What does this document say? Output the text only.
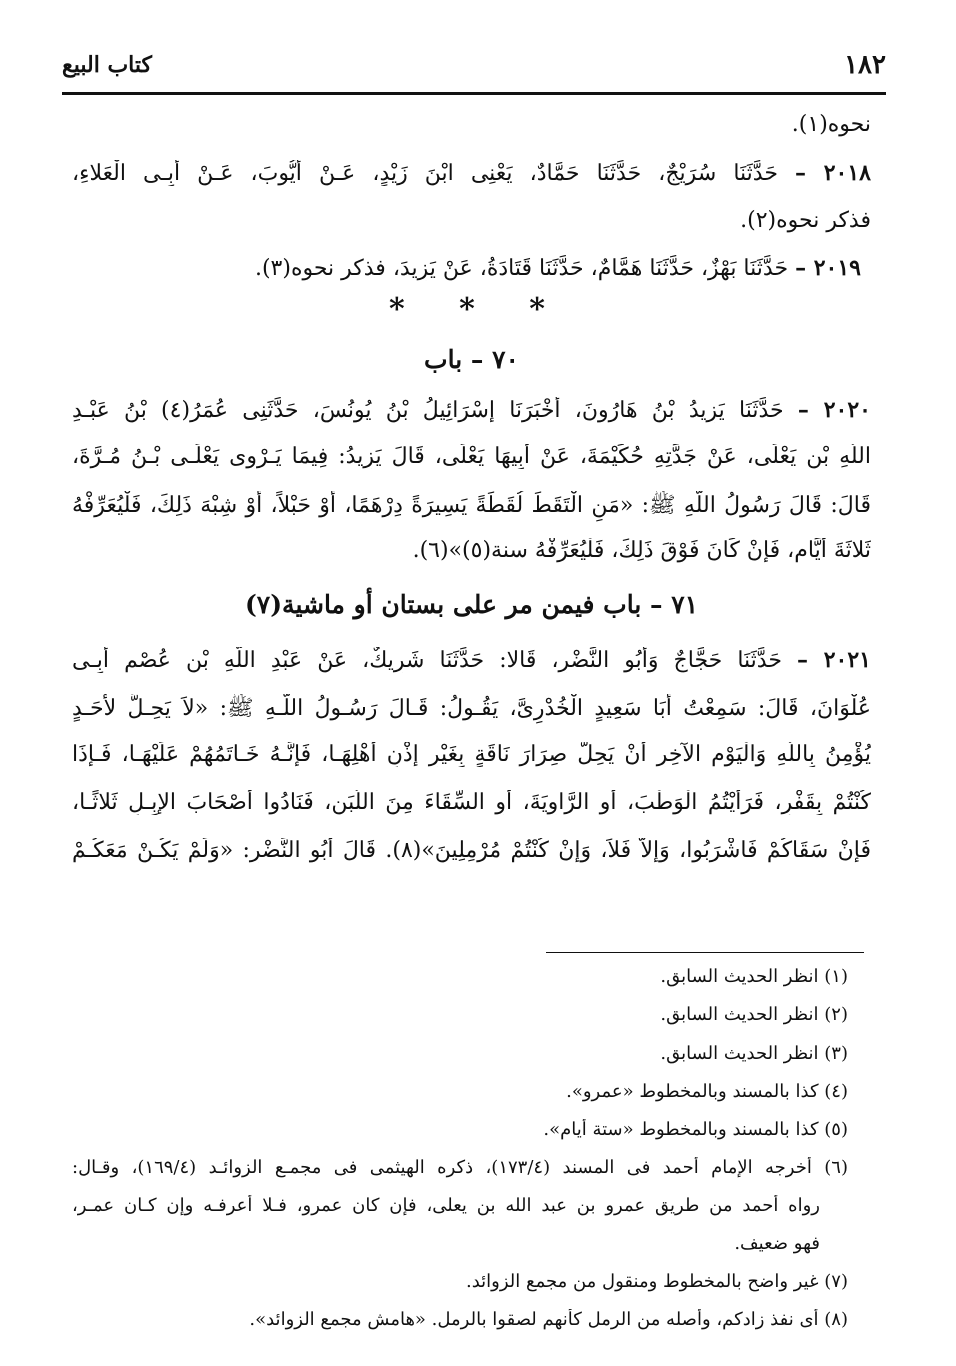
١٨٢
كتاب البيع
نحوه(١).
٢٠١٨ – حَدَّثَنَا سُرَيْجٌ، حَدَّثَنَا حَمَّادٌ، يَعْنِى ابْنَ زَيْدٍ، عَـنْ أَيُّوبَ، عَـنْ أَبِـى الْعَلاءِ،
فذكر نحوه(٢).
٢٠١٩ – حَدَّثَنَا بَهْزٌ، حَدَّثَنَا هَمَّامٌ، حَدَّثَنَا قَتَادَةُ، عَنْ يَزِيدَ، فذكر نحوه(٣).
* * *
٧٠ – باب
٢٠٢٠ – حَدَّثَنَا يَزِيدُ بْنُ هَارُونَ، أَخْبَرَنَا إِسْرَائِيلُ بْنُ يُونُسَ، حَدَّثَنِى عُمَرُ(٤) بْنُ عَبْـدِ
اللَّهِ بْنِ يَعْلَى، عَنْ جَدَّتِهِ حُكَيْمَةَ، عَنْ أَبِيهَا يَعْلَى، قَالَ يَزِيدُ: فِيمَا يَـرْوِى يَعْلَـى بْـنُ مُـرَّةَ،
قَالَ: قَالَ رَسُولُ اللَّهِ ﷺ: «مَنِ الْتَقَطَ لُقَطَةً يَسِيرَةً دِرْهَمًا، أَوْ حَبْلاً، أَوْ شِبْهَ ذَلِكَ، فَلْيُعَرِّفْهُ
ثَلاثَةَ أَيَّامٍ، فَإِنْ كَانَ فَوْقَ ذَلِكَ، فَلْيُعَرِّفْهُ سنة(٥)»(٦).
٧١ – باب فيمن مر على بستان أو ماشية(٧)
٢٠٢١ – حَدَّثَنَا حَجَّاجٌ وَأَبُو النَّضْرِ، قَالا: حَدَّثَنَا شَرِيكٌ، عَنْ عَبْدِ اللَّهِ بْنِ عُصْمٍ أَبِـى
عُلْوَانَ، قَالَ: سَمِعْتُ أَبَا سَعِيدٍ الْخُدْرِىَّ، يَقُـولُ: قَـالَ رَسُـولُ اللَّـهِ ﷺ: «لاَ يَحِـلُّ لأَحَـدٍ
يُؤْمِنُ بِاللَّهِ وَالْيَوْمِ الآخِرِ أَنْ يَحِلَّ صِرَارَ نَاقَةٍ بِغَيْرِ إِذْنِ أَهْلِهَـا، فَإِنَّـهُ خَـاتَمُهُمْ عَلَيْهَـا، فَـإِذَا
كُنْتُمْ بِقَفْرٍ، فَرَأَيْتُمُ الْوَطْبَ، أَوِ الرَّاوِيَةَ، أَوِ السِّقَاءَ مِنَ اللَّبَنِ، فَنَادُوا أَصْحَابَ الإِبِـلِ ثَلاثًـا،
فَإِنْ سَقَاكُمْ فَاشْرَبُوا، وَإِلاَّ فَلاَ، وَإِنْ كُنْتُمْ مُرْمِلِينَ»(٨). قَالَ أَبُو النَّضْرِ: «وَلَمْ يَكُـنْ مَعَكُـمْ
(١) انظر الحديث السابق.
(٢) انظر الحديث السابق.
(٣) انظر الحديث السابق.
(٤) كذا بالمسند وبالمخطوط «عمرو».
(٥) كذا بالمسند وبالمخطوط «ستة أيام».
(٦) أخرجه الإمام أحمد فى المسند (١٧٣/٤)، ذكره الهيثمى فى مجمـع الزوائـد (١٦٩/٤)، وقـال:
رواه أحمد من طريق عمرو بن عبد الله بن يعلى، فإن كان عمرو، فـلا أعرفـه وإن كـان عمـر،
فهو ضعيف.
(٧) غير واضح بالمخطوط ومنقول من مجمع الزوائد.
(٨) أى نفذ زادكم، وأصله من الرمل كأنهم لصقوا بالرمل. «هامش مجمع الزوائد».
